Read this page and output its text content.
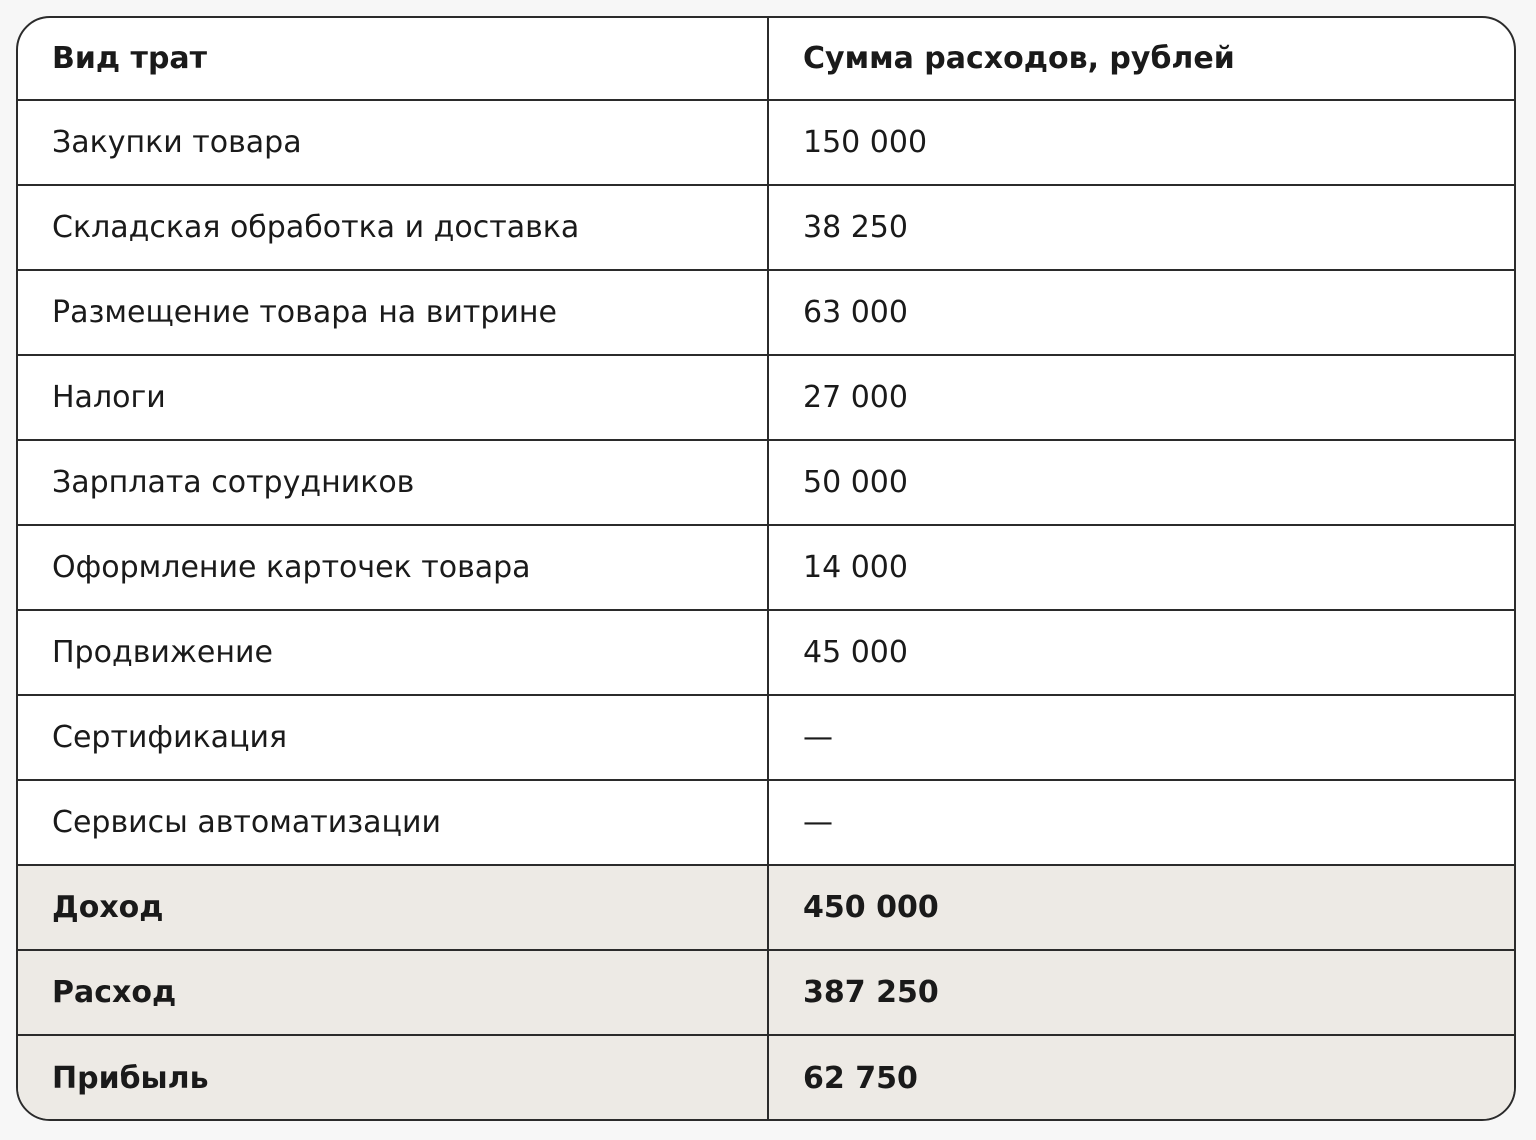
Вид трат	Сумма расходов, рублей
Закупки товара	150 000
Складская обработка и доставка	38 250
Размещение товара на витрине	63 000
Налоги	27 000
Зарплата сотрудников	50 000
Оформление карточек товара	14 000
Продвижение	45 000
Сертификация	—
Сервисы автоматизации	—
Доход	450 000
Расход	387 250
Прибыль	62 750
